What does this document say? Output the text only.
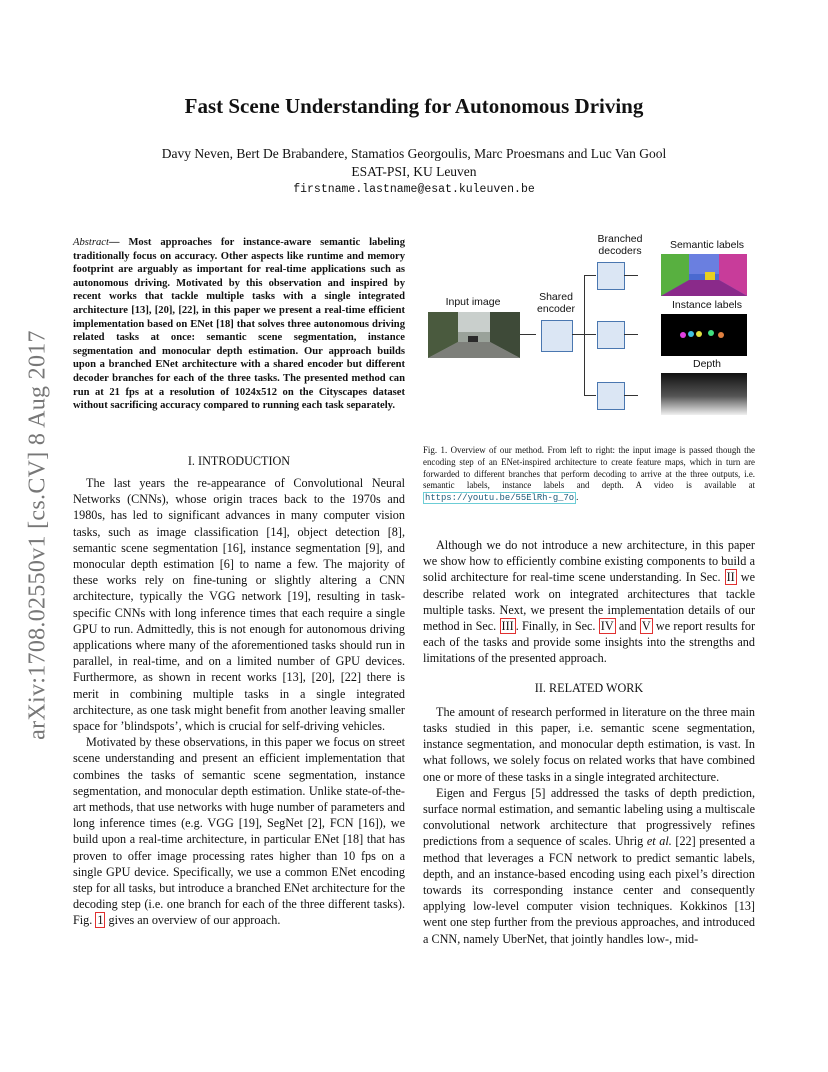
Fast Scene Understanding for Autonomous Driving
Davy Neven, Bert De Brabandere, Stamatios Georgoulis, Marc Proesmans and Luc Van Gool
ESAT-PSI, KU Leuven
firstname.lastname@esat.kuleuven.be
arXiv:1708.02550v1 [cs.CV] 8 Aug 2017
Abstract— Most approaches for instance-aware semantic labeling traditionally focus on accuracy. Other aspects like runtime and memory footprint are arguably as important for real-time applications such as autonomous driving. Motivated by this observation and inspired by recent works that tackle multiple tasks with a single integrated architecture [13], [20], [22], in this paper we present a real-time efficient implementation based on ENet [18] that solves three autonomous driving related tasks at once: semantic scene segmentation, instance segmentation and monocular depth estimation. Our approach builds upon a branched ENet architecture with a shared encoder but different decoder branches for each of the three tasks. The presented method can run at 21 fps at a resolution of 1024x512 on the Cityscapes dataset without sacrificing accuracy compared to running each task separately.
I. INTRODUCTION

The last years the re-appearance of Convolutional Neural Networks (CNNs), whose origin traces back to the 1970s and 1980s, has led to significant advances in many computer vision tasks, such as image classification [14], object detection [8], semantic scene segmentation [16], instance segmentation [9], and monocular depth estimation [6] to name a few. The majority of these works rely on fine-tuning or slightly altering a CNN architecture, typically the VGG network [19], resulting in task-specific CNNs with long inference times that each require a single GPU to run. Admittedly, this is not enough for autonomous driving applications where many of the aforementioned tasks should run in parallel, in real-time, and on a limited number of GPU devices. Furthermore, as shown in recent works [13], [20], [22] there is merit in combining multiple tasks in a single integrated architecture, as one task might benefit from another leaving smaller space for ’blindspots’, which is crucial for self-driving vehicles.

Motivated by these observations, in this paper we focus on street scene understanding and present an efficient implementation that combines the tasks of semantic scene segmentation, instance segmentation, and monocular depth estimation. Unlike state-of-the-art methods, that use networks with huge number of parameters and long inference times (e.g. VGG [19], SegNet [2], FCN [16]), we build upon a real-time architecture, in particular ENet [18] that has proven to offer image processing rates higher than 10 fps on a single GPU device. Specifically, we use a common ENet encoding step for all tasks, but introduce a branched ENet architecture for the decoding step (i.e. one branch for each of the three different tasks). Fig. 1 gives an overview of our approach.

Input image	Shared encoder
Branched decoders	Semantic labels
Instance labels
Depth
Fig. 1. Overview of our method. From left to right: the input image is passed though the encoding step of an ENet-inspired architecture to create feature maps, which in turn are forwarded to different branches that perform decoding to arrive at the three outputs, i.e. semantic labels, instance labels and depth. A video is available at https://youtu.be/55ElRh-g_7o .

Although we do not introduce a new architecture, in this paper we show how to efficiently combine existing components to build a solid architecture for real-time scene understanding. In Sec. II we describe related work on integrated architectures that tackle multiple tasks. Next, we present the implementation details of our method in Sec. III . Finally, in Sec. IV and V we report results for each of the tasks and provide some insights into the strengths and limitations of the presented approach.

II. RELATED WORK

The amount of research performed in literature on the three main tasks studied in this paper, i.e. semantic scene segmentation, instance segmentation, and monocular depth estimation, is vast. In what follows, we solely focus on related works that have combined one or more of these tasks in a single integrated architecture.

Eigen and Fergus [5] addressed the tasks of depth prediction, surface normal estimation, and semantic labeling using a multiscale convolutional network architecture that progressively refines predictions from a sequence of scales. Uhrig et al. [22] presented a method that leverages a FCN network to predict semantic labels, depth, and an instance-based encoding using each pixel’s direction towards its corresponding instance center and consequently applying low-level computer vision techniques. Kokkinos [13] went one step further from the previous approaches, and introduced a CNN, namely UberNet, that jointly handles low-, mid-
